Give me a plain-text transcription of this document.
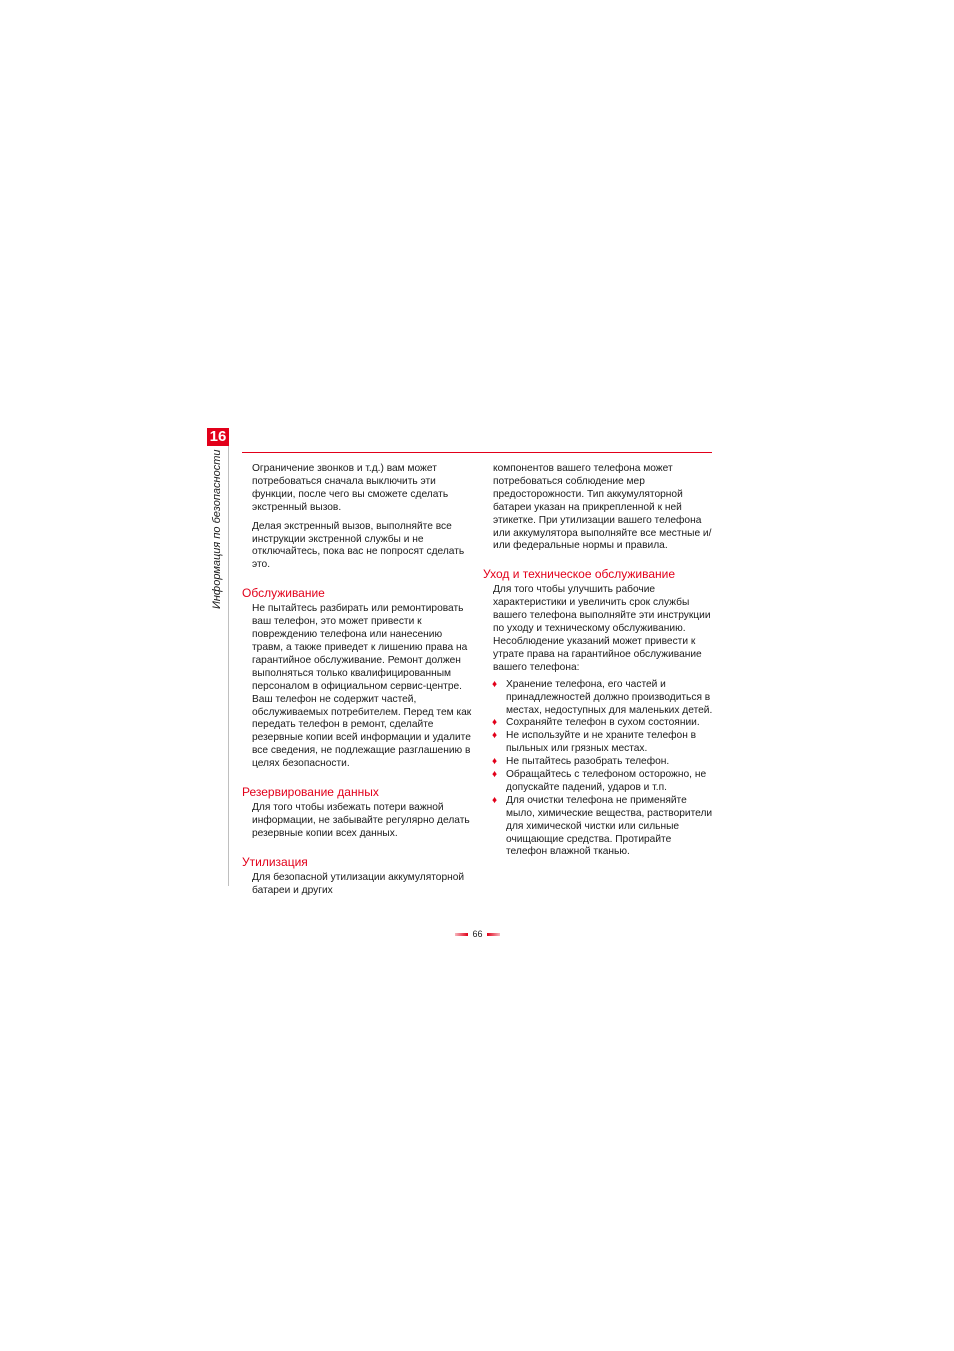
16
Информация по безопасности	Ограничение звонков и т.д.) вам может потребоваться сначала выключить эти функции, после чего вы сможете сделать экстренный вызов.

Делая экстренный вызов, выполняйте все инструкции экстренной службы и не отключайтесь, пока вас не попросят сделать это.

Обслуживание

Не пытайтесь разбирать или ремонтировать ваш телефон, это может привести к повреждению телефона или нанесению травм, а также приведет к лишению права на гарантийное обслуживание. Ремонт должен выполняться только квалифицированным персоналом в официальном сервис-центре. Ваш телефон не содержит частей, обслуживаемых потребителем. Перед тем как передать телефон в ремонт, сделайте резервные копии всей информации и удалите все сведения, не подлежащие разглашению в целях безопасности.

Резервирование данных

Для того чтобы избежать потери важной информации, не забывайте регулярно делать резервные копии всех данных.

Утилизация

Для безопасной утилизации аккумуляторной батареи и других

компонентов вашего телефона может потребоваться соблюдение мер предосторожности. Тип аккумуляторной батареи указан на прикрепленной к ней этикетке. При утилизации вашего телефона или аккумулятора выполняйте все местные и/или федеральные нормы и правила.

Уход и техническое обслуживание

Для того чтобы улучшить рабочие характеристики и увеличить срок службы вашего телефона выполняйте эти инструкции по уходу и техническому обслуживанию. Несоблюдение указаний может привести к утрате права на гарантийное обслуживание вашего телефона:

♦ Хранение телефона, его частей и принадлежностей должно производиться в местах, недоступных для маленьких детей.
♦ Сохраняйте телефон в сухом состоянии.
♦ Не используйте и не храните телефон в пыльных или грязных местах.
♦ Не пытайтесь разобрать телефон.
♦ Обращайтесь с телефоном осторожно, не допускайте падений, ударов и т.п.
♦ Для очистки телефона не применяйте мыло, химические вещества, растворители для химической чистки или сильные очищающие средства. Протирайте телефон влажной тканью.
66
